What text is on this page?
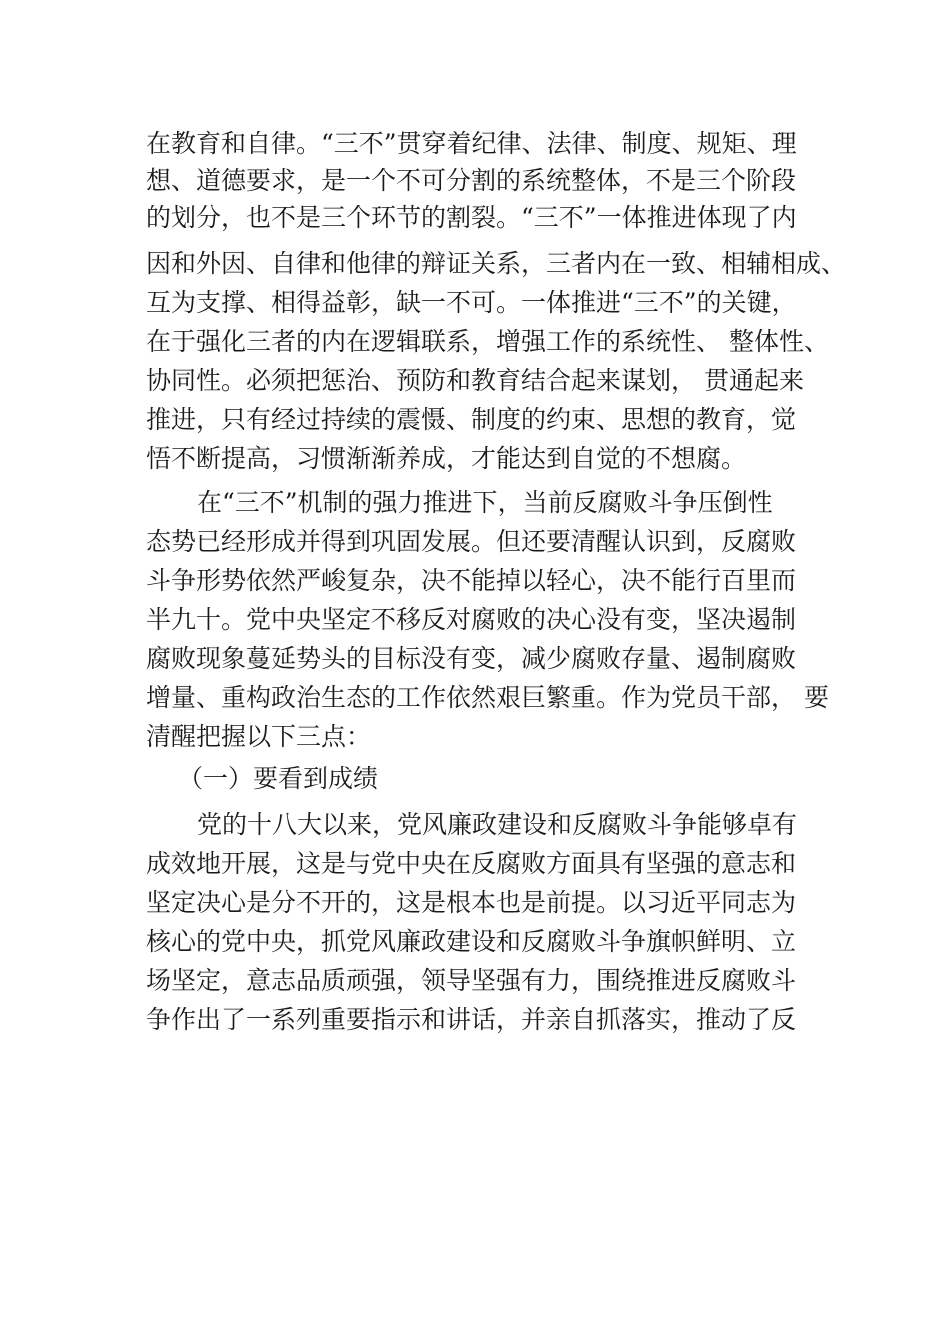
在教育和自律。“三不”贯穿着纪律、法律、制度、规矩、理
想、道德要求，是一个不可分割的系统整体，不是三个阶段
的划分，也不是三个环节的割裂。“三不”一体推进体现了内
因和外因、自律和他律的辩证关系，三者内在一致、相辅相成、
互为支撑、相得益彰，缺一不可。一体推进“三不”的关键，
在于强化三者的内在逻辑联系，增强工作的系统性、 整体性、
协同性。必须把惩治、预防和教育结合起来谋划， 贯通起来
推进，只有经过持续的震慑、制度的约束、思想的教育，觉
悟不断提高，习惯渐渐养成，才能达到自觉的不想腐。
在“三不”机制的强力推进下，当前反腐败斗争压倒性
态势已经形成并得到巩固发展。但还要清醒认识到，反腐败
斗争形势依然严峻复杂，决不能掉以轻心，决不能行百里而
半九十。党中央坚定不移反对腐败的决心没有变，坚决遏制
腐败现象蔓延势头的目标没有变，减少腐败存量、遏制腐败
增量、重构政治生态的工作依然艰巨繁重。作为党员干部， 要
清醒把握以下三点：
（一）要看到成绩
党的十八大以来，党风廉政建设和反腐败斗争能够卓有
成效地开展，这是与党中央在反腐败方面具有坚强的意志和
坚定决心是分不开的，这是根本也是前提。以习近平同志为
核心的党中央，抓党风廉政建设和反腐败斗争旗帜鲜明、立
场坚定，意志品质顽强，领导坚强有力，围绕推进反腐败斗
争作出了一系列重要指示和讲话，并亲自抓落实，推动了反
